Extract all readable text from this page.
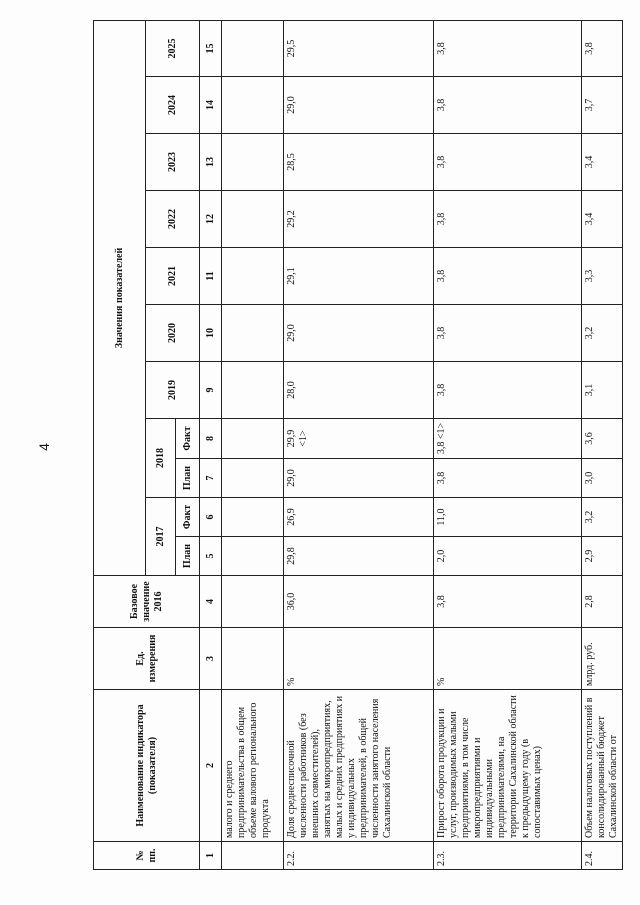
4
№ пп.	Наименование индикатора (показателя)	Ед. измерения	Базовое значение 2016	Значения показателей										
				2017		2018		2019	2020	2021	2022	2023	2024	2025
				План	Факт	План	Факт							
1	2	3	4	5	6	7	8	9	10	11	12	13	14	15
	малого и среднего предпринимательства в общем объеме валового регионального продукта													
2.2.	Доля среднесписочной численности работников (без внешних совместителей), занятых на микропредприятиях, малых и средних предприятиях и у индивидуальных предпринимателей, в общей численности занятого населения Сахалинской области	%	36,0	29,8	26,9	29,0	29,9 <1>	28,0	29,0	29,1	29,2	28,5	29,0	29,5
2.3.	Прирост оборота продукции и услуг, производимых малыми предприятиями, в том числе микропредприятиями и индивидуальными предпринимателями, на территории Сахалинской области к предыдущему году (в сопоставимых ценах)	%	3,8	2,0	11,0	3,8	3,8 <1>	3,8	3,8	3,8	3,8	3,8	3,8	3,8
2.4.	Объем налоговых поступлений в консолидированный бюджет Сахалинской области от	млрд. руб.	2,8	2,9	3,2	3,0	3,6	3,1	3,2	3,3	3,4	3,4	3,7	3,8
